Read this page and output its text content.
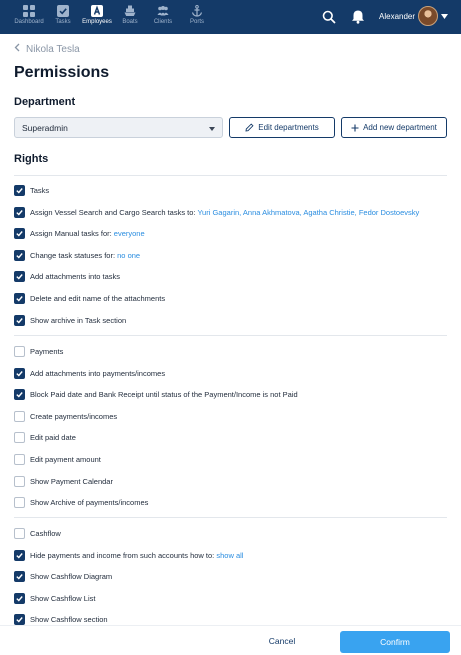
Dashboard	Tasks	Employees	Boats	Clients	Ports
Alexander
Nikola Tesla
Permissions
Department
Superadmin	Edit departments	Add new department
Rights
Tasks
Assign Vessel Search and Cargo Search tasks to: Yuri Gagarin, Anna Akhmatova, Agatha Christie, Fedor Dostoevsky
Assign Manual tasks for: everyone
Change task statuses for: no one
Add attachments into tasks
Delete and edit name of the attachments
Show archive in Task section
Payments
Add attachments into payments/incomes
Block Paid date and Bank Receipt until status of the Payment/Income is not Paid
Create payments/incomes
Edit paid date
Edit payment amount
Show Payment Calendar
Show Archive of payments/incomes
Cashflow
Hide payments and income from such accounts how to: show all
Show Cashflow Diagram
Show Cashflow List
Show Cashflow section
Cancel	Confirm
